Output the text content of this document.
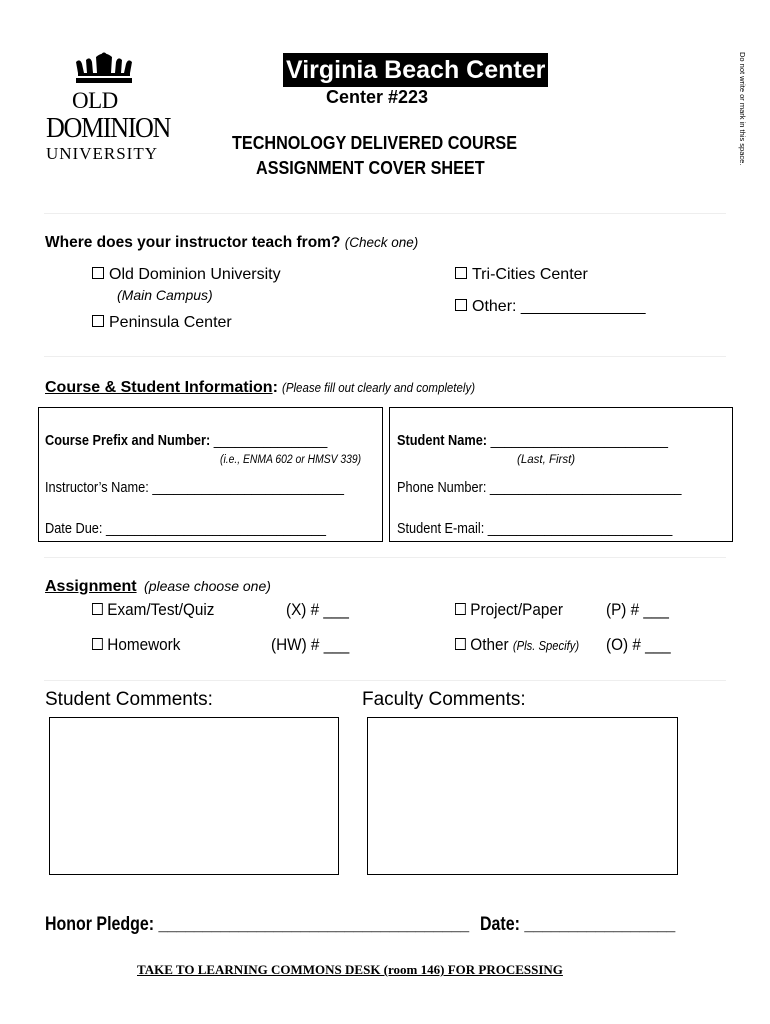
OLD
DOMINION
UNIVERSITY
Virginia Beach Center
Center #223
TECHNOLOGY DELIVERED COURSE
ASSIGNMENT COVER SHEET
Do not write or mark in this space.
Where does your instructor teach from? (Check one)
Old Dominion University
(Main Campus)
Peninsula Center
Tri-Cities Center
Other: ______________
Course & Student Information: (Please fill out clearly and completely)
Course Prefix and Number: ________________
(i.e., ENMA 602 or HMSV 339)
Instructor’s Name: ___________________________
Date Due: _______________________________
Student Name: _________________________
(Last, First)
Phone Number: ___________________________
Student E-mail: __________________________
Assignment (please choose one)
Exam/Test/Quiz	(X) # ___
Homework	(HW) # ___
Project/Paper	(P) # ___
Other (Pls. Specify) (O) # ___
Student Comments:	Faculty Comments:
Honor Pledge: ___________________________________ Date: _________________
TAKE TO LEARNING COMMONS DESK (room 146) FOR PROCESSING
